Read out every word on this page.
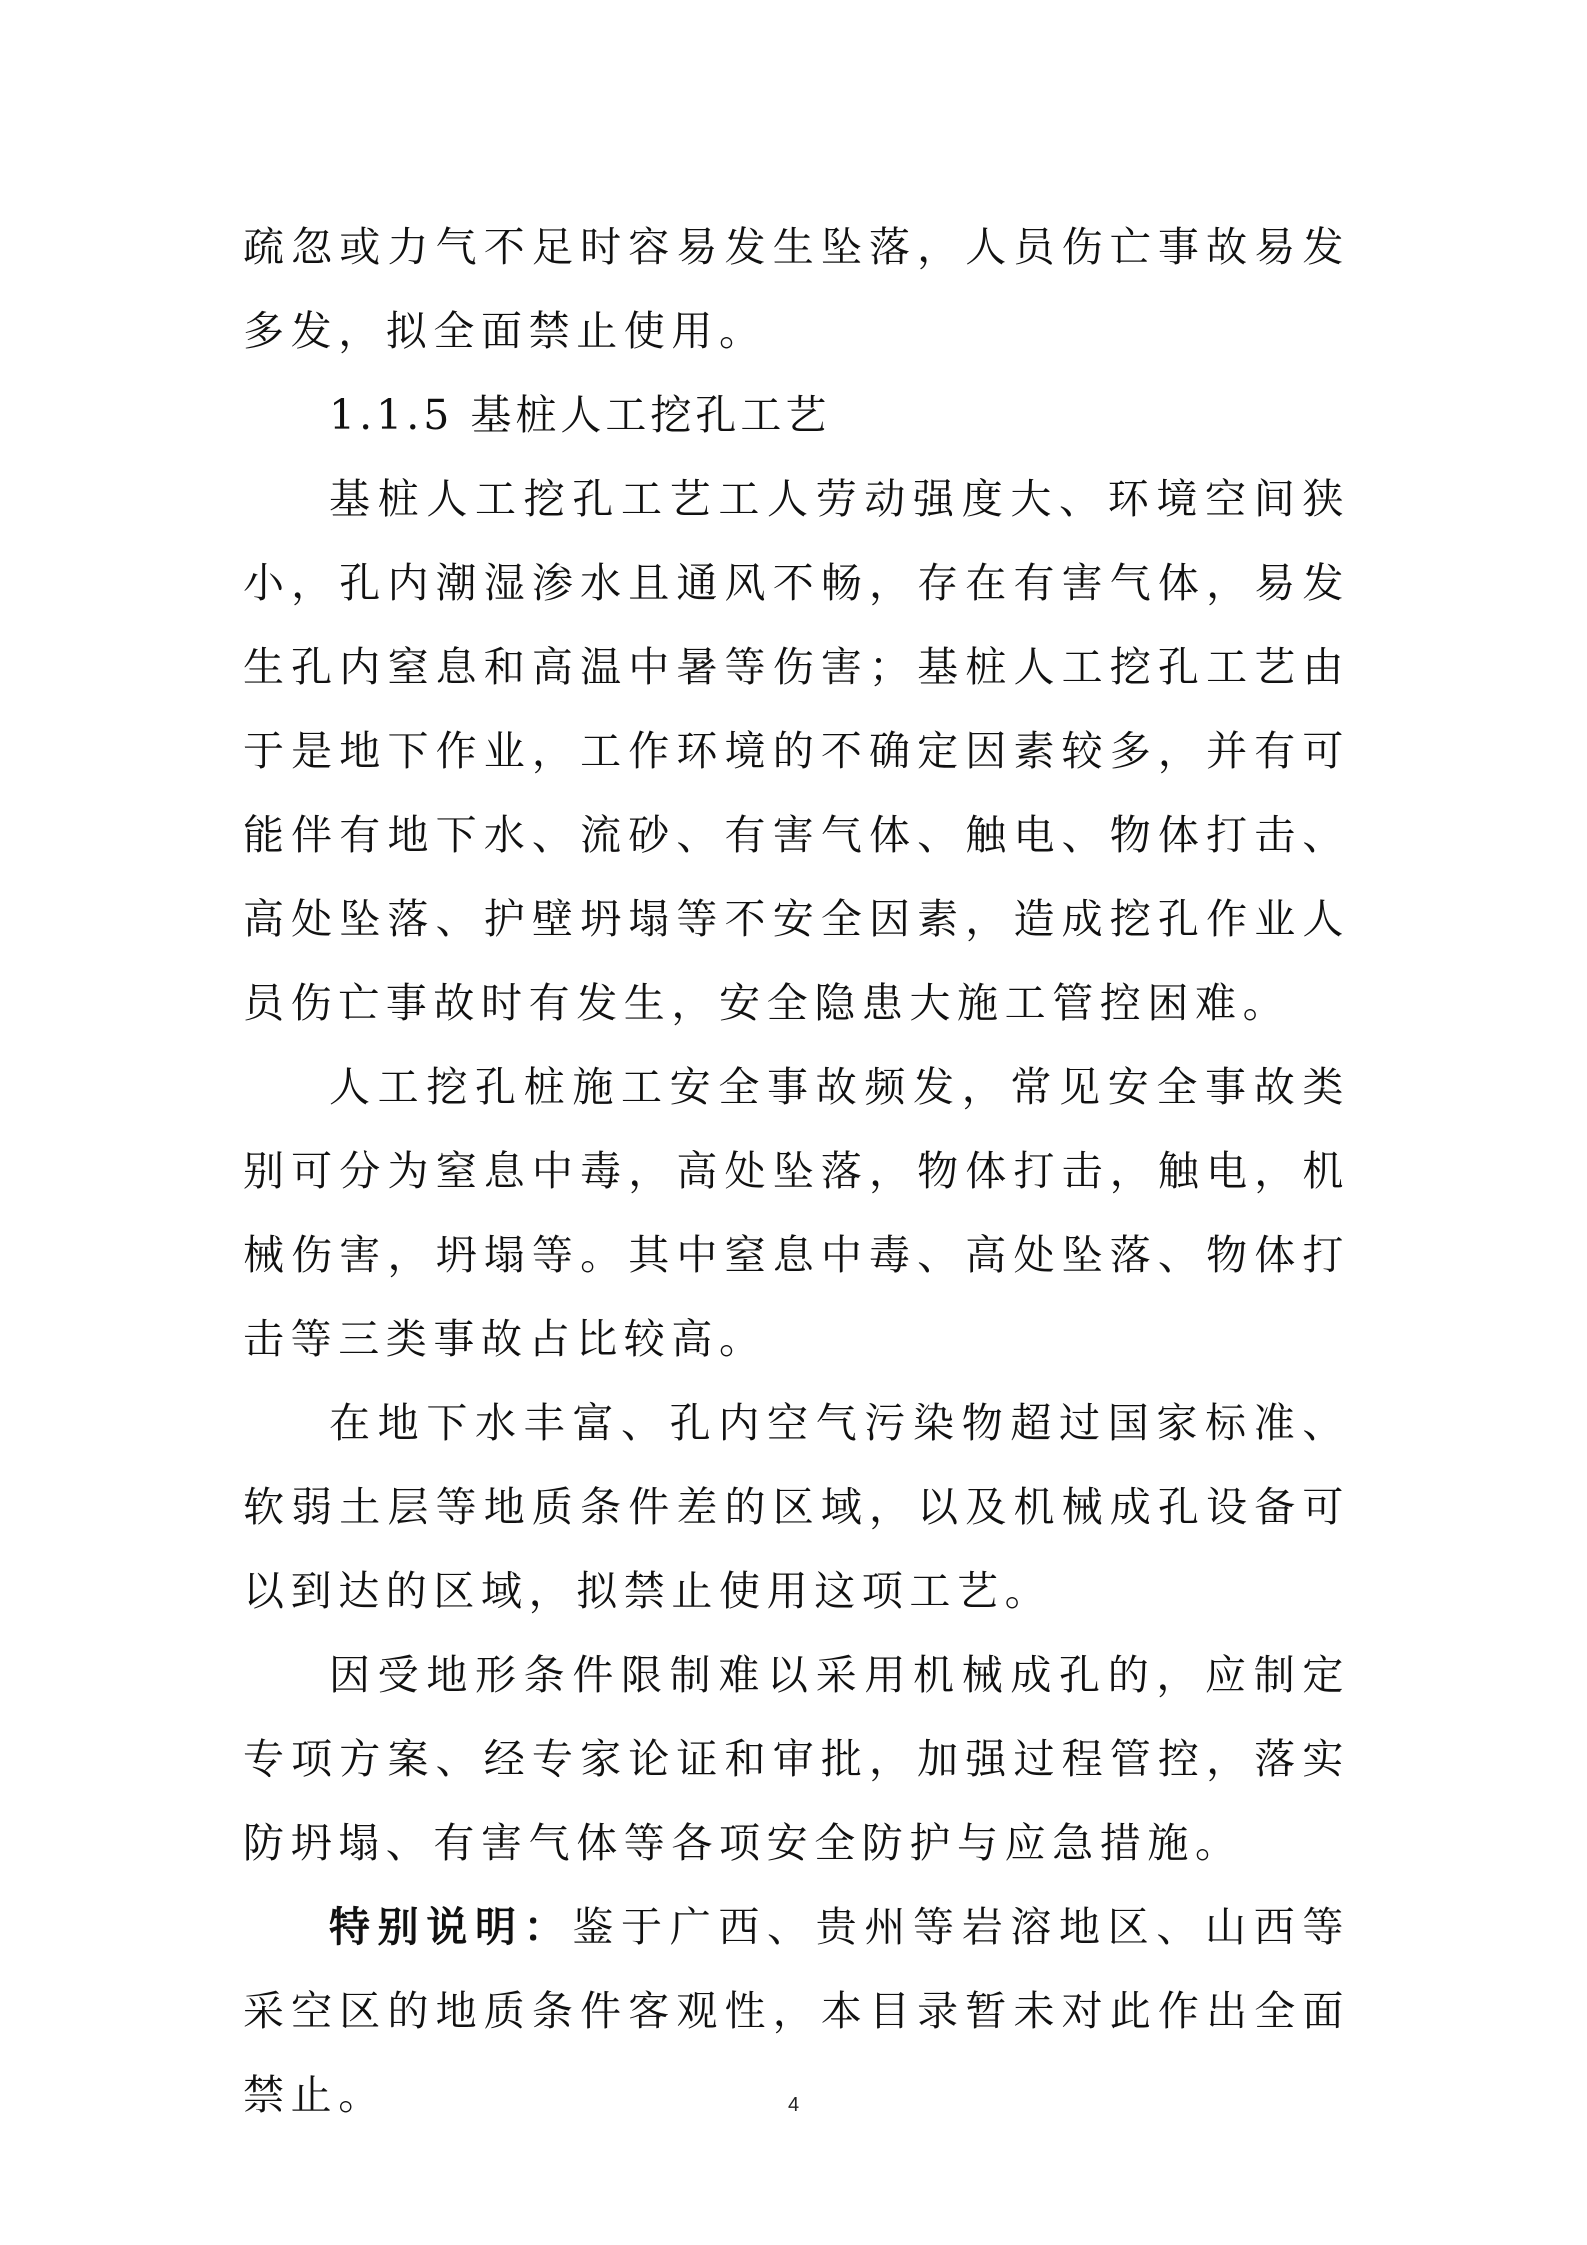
疏忽或力气不足时容易发生坠落，人员伤亡事故易发多发，拟全面禁止使用。

1.1.5 基桩人工挖孔工艺

基桩人工挖孔工艺工人劳动强度大、环境空间狭小，孔内潮湿渗水且通风不畅，存在有害气体，易发生孔内窒息和高温中暑等伤害；基桩人工挖孔工艺由于是地下作业，工作环境的不确定因素较多，并有可能伴有地下水、流砂、有害气体、触电、物体打击、高处坠落、护壁坍塌等不安全因素，造成挖孔作业人员伤亡事故时有发生，安全隐患大施工管控困难。

人工挖孔桩施工安全事故频发，常见安全事故类别可分为窒息中毒，高处坠落，物体打击，触电，机械伤害，坍塌等。其中窒息中毒、高处坠落、物体打击等三类事故占比较高。

在地下水丰富、孔内空气污染物超过国家标准、软弱土层等地质条件差的区域，以及机械成孔设备可以到达的区域，拟禁止使用这项工艺。

因受地形条件限制难以采用机械成孔的，应制定专项方案、经专家论证和审批，加强过程管控，落实防坍塌、有害气体等各项安全防护与应急措施。

特别说明：鉴于广西、贵州等岩溶地区、山西等采空区的地质条件客观性，本目录暂未对此作出全面禁止。	4
